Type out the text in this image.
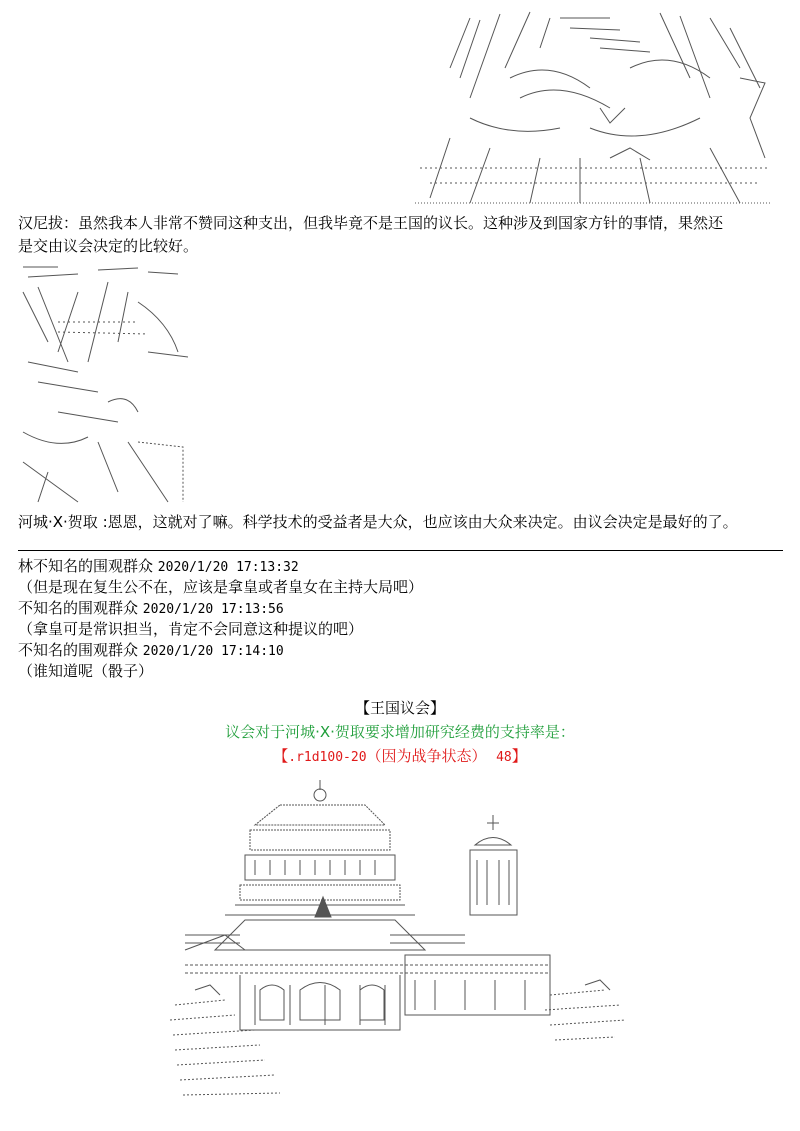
汉尼拔：虽然我本人非常不赞同这种支出，但我毕竟不是王国的议长。这种涉及到国家方针的事情，果然还
是交由议会决定的比较好。
河城·X·贺取 :恩恩，这就对了嘛。科学技术的受益者是大众，也应该由大众来决定。由议会决定是最好的了。
林不知名的围观群众 2020/1/20 17:13:32
（但是现在复生公不在，应该是拿皇或者皇女在主持大局吧）
不知名的围观群众 2020/1/20 17:13:56
（拿皇可是常识担当，肯定不会同意这种提议的吧）
不知名的围观群众 2020/1/20 17:14:10
（谁知道呢（骰子）
【王国议会】
议会对于河城·X·贺取要求增加研究经费的支持率是：
【.r1d100-20（因为战争状态） 48】
